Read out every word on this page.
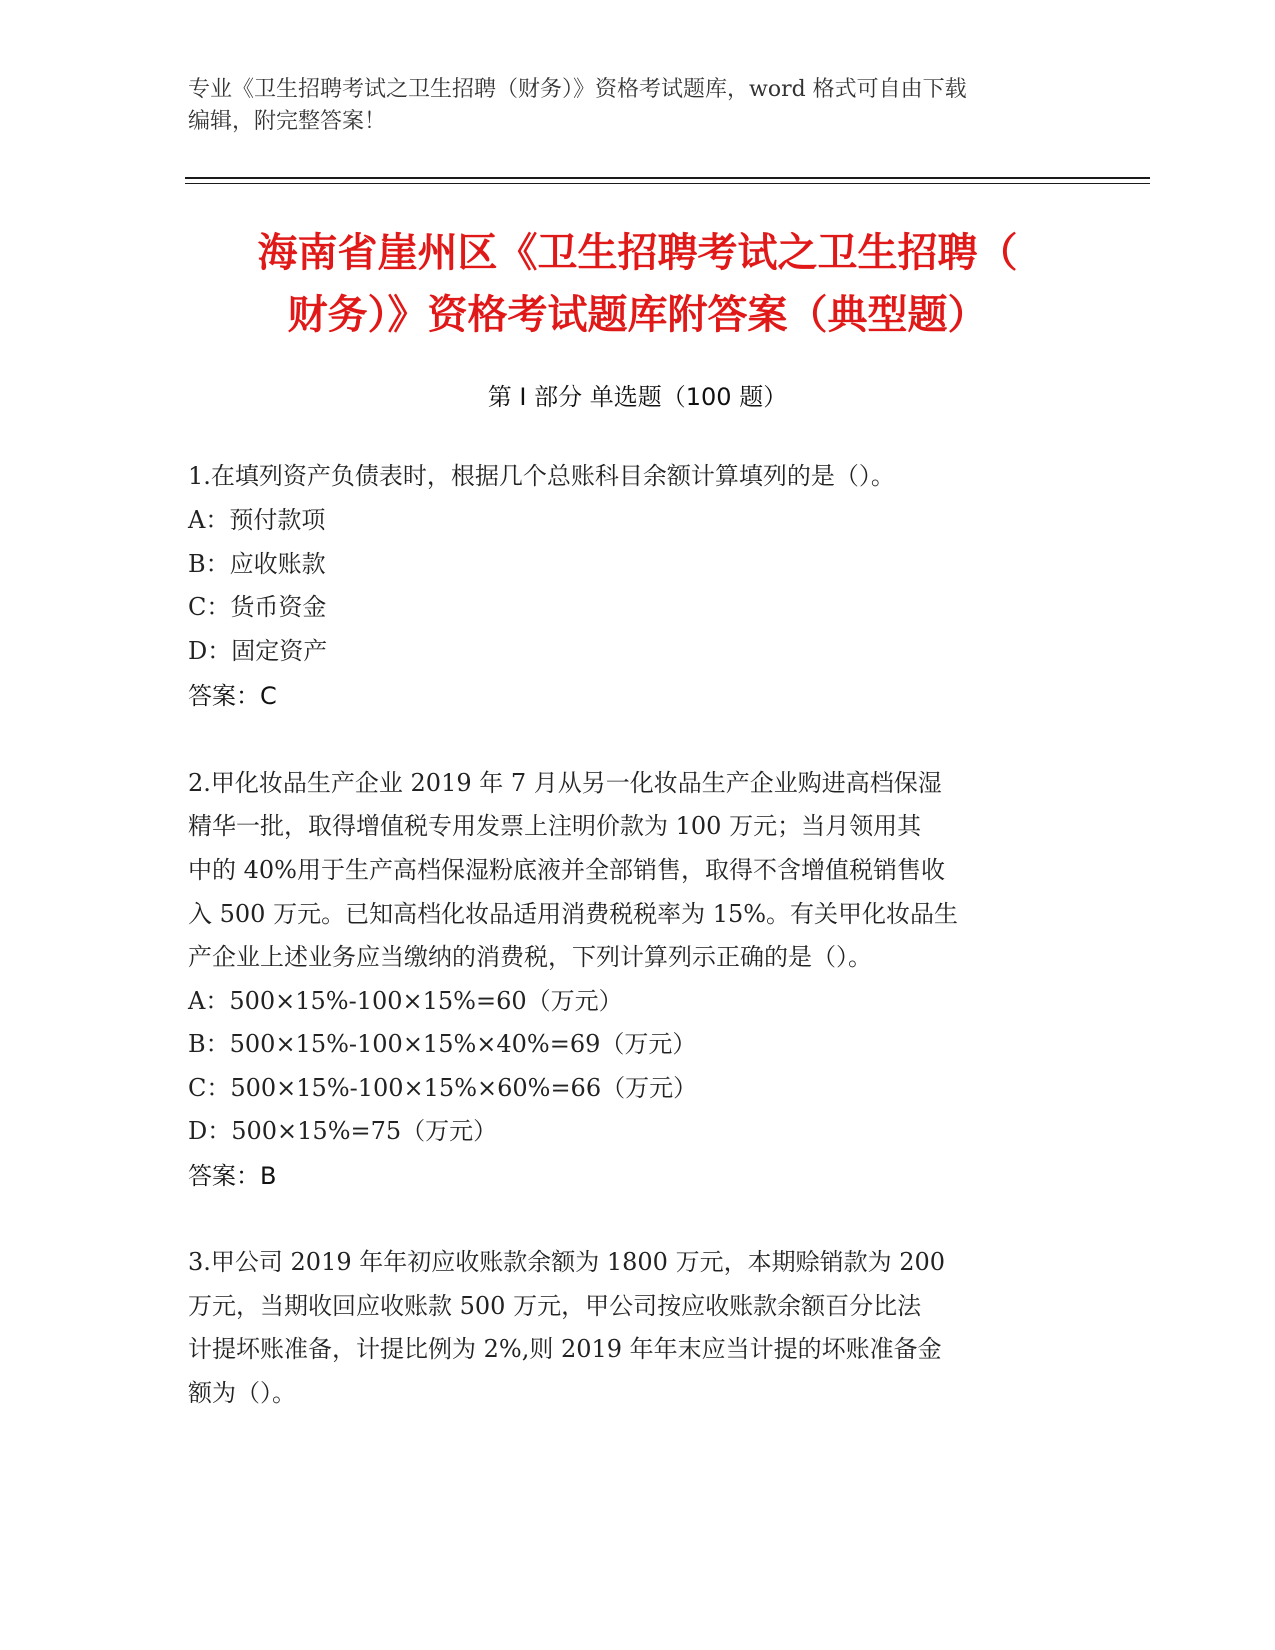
专业《卫生招聘考试之卫生招聘（财务）》资格考试题库，word 格式可自由下载
编辑，附完整答案！
海南省崖州区《卫生招聘考试之卫生招聘（
财务）》资格考试题库附答案（典型题）
第 I 部分 单选题（100 题）
1.在填列资产负债表时，根据几个总账科目余额计算填列的是（）。
A：预付款项
B：应收账款
C：货币资金
D：固定资产
答案：C
2.甲化妆品生产企业 2019 年 7 月从另一化妆品生产企业购进高档保湿
精华一批，取得增值税专用发票上注明价款为 100 万元；当月领用其
中的 40%用于生产高档保湿粉底液并全部销售，取得不含增值税销售收
入 500 万元。已知高档化妆品适用消费税税率为 15%。有关甲化妆品生
产企业上述业务应当缴纳的消费税，下列计算列示正确的是（）。
A：500×15%-100×15%=60（万元）
B：500×15%-100×15%×40%=69（万元）
C：500×15%-100×15%×60%=66（万元）
D：500×15%=75（万元）
答案：B
3.甲公司 2019 年年初应收账款余额为 1800 万元，本期赊销款为 200
万元，当期收回应收账款 500 万元，甲公司按应收账款余额百分比法
计提坏账准备，计提比例为 2%,则 2019 年年末应当计提的坏账准备金
额为（）。
